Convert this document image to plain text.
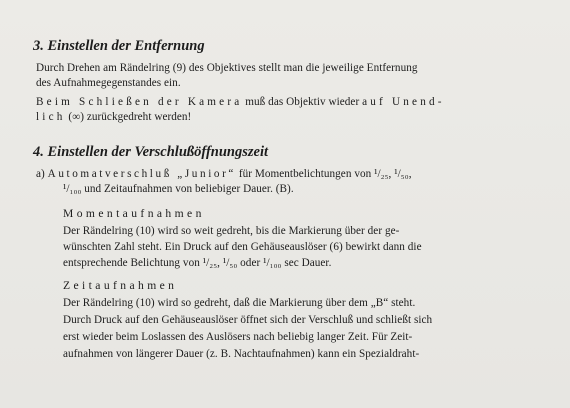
3. Einstellen der Entfernung
Durch Drehen am Rändelring (9) des Objektives stellt man die jeweilige Entfernung
des Aufnahmegegenstandes ein.
Beim Schließen der Kamera muß das Objektiv wieder auf Unend-
lich (∞) zurückgedreht werden!
4. Einstellen der Verschlußöffnungszeit
a) Automatverschluß „Junior“ für Momentbelichtungen von ¹/₂₅, ¹/₅₀,
¹/₁₀₀ und Zeitaufnahmen von beliebiger Dauer. (B).
Momentaufnahmen
Der Rändelring (10) wird so weit gedreht, bis die Markierung über der ge-
wünschten Zahl steht. Ein Druck auf den Gehäuseauslöser (6) bewirkt dann die
entsprechende Belichtung von ¹/₂₅, ¹/₅₀ oder ¹/₁₀₀ sec Dauer.
Zeitaufnahmen
Der Rändelring (10) wird so gedreht, daß die Markierung über dem „B“ steht.
Durch Druck auf den Gehäuseauslöser öffnet sich der Verschluß und schließt sich
erst wieder beim Loslassen des Auslösers nach beliebig langer Zeit. Für Zeit-
aufnahmen von längerer Dauer (z. B. Nachtaufnahmen) kann ein Spezialdraht-
